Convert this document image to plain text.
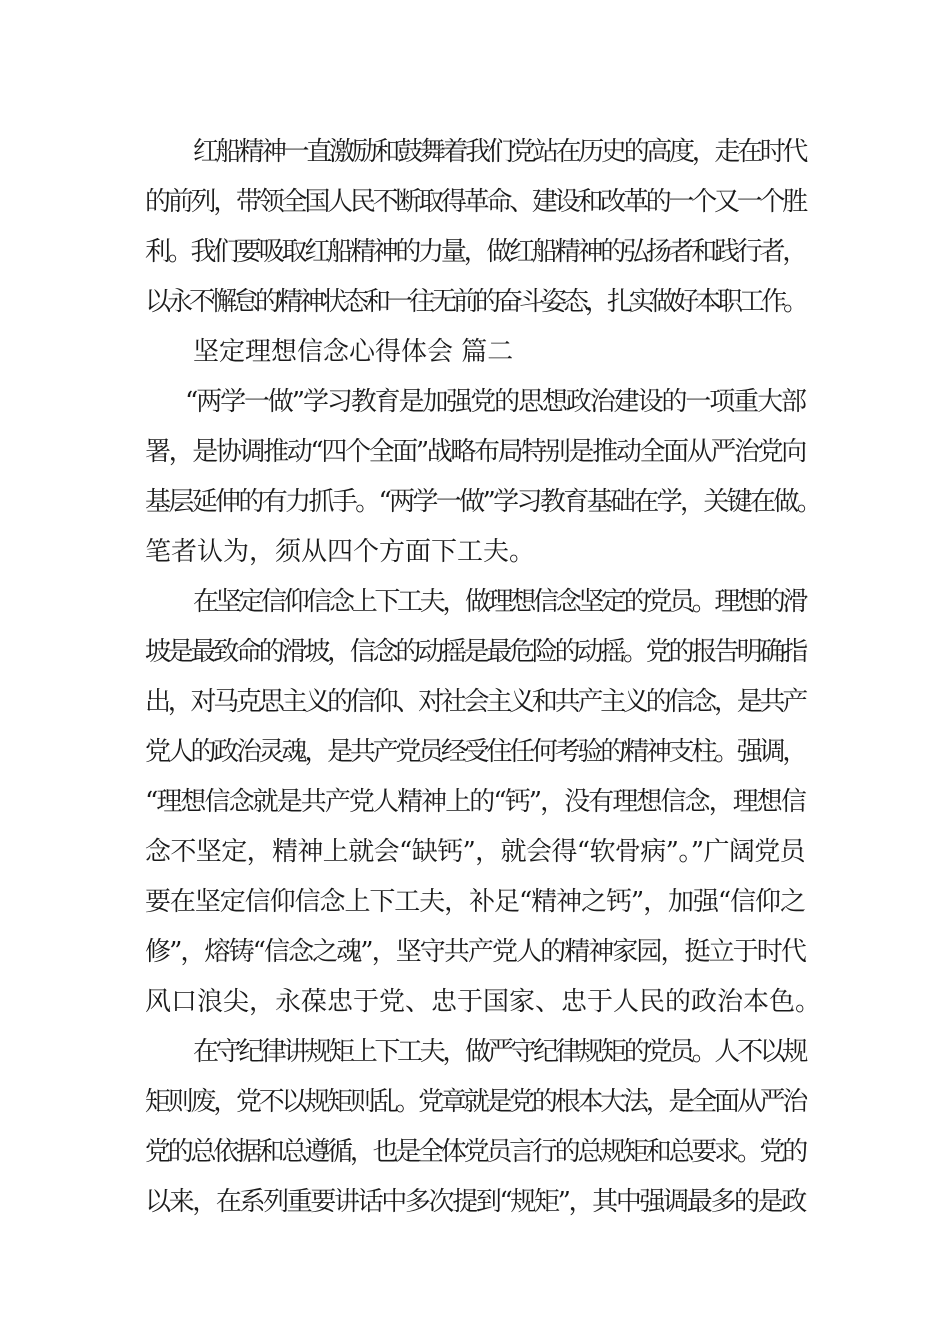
红船精神一直激励和鼓舞着我们党站在历史的高度，走在时代
的前列，带领全国人民不断取得革命、建设和改革的一个又一个胜
利。我们要吸取红船精神的力量，做红船精神的弘扬者和践行者，
以永不懈怠的精神状态和一往无前的奋斗姿态，扎实做好本职工作。
坚定理想信念心得体会 篇二
“两学一做”学习教育是加强党的思想政治建设的一项重大部
署，是协调推动“四个全面”战略布局特别是推动全面从严治党向
基层延伸的有力抓手。“两学一做”学习教育基础在学，关键在做。
笔者认为，须从四个方面下工夫。
在坚定信仰信念上下工夫，做理想信念坚定的党员。理想的滑
坡是最致命的滑坡，信念的动摇是最危险的动摇。党的报告明确指
出，对马克思主义的信仰、对社会主义和共产主义的信念，是共产
党人的政治灵魂，是共产党员经受住任何考验的精神支柱。强调，
“理想信念就是共产党人精神上的“钙”，没有理想信念，理想信
念不坚定，精神上就会“缺钙”，就会得“软骨病”。”广阔党员
要在坚定信仰信念上下工夫，补足“精神之钙”，加强“信仰之
修”，熔铸“信念之魂”，坚守共产党人的精神家园，挺立于时代
风口浪尖，永葆忠于党、忠于国家、忠于人民的政治本色。
在守纪律讲规矩上下工夫，做严守纪律规矩的党员。人不以规
矩则废，党不以规矩则乱。党章就是党的根本大法，是全面从严治
党的总依据和总遵循，也是全体党员言行的总规矩和总要求。党的
以来，在系列重要讲话中多次提到“规矩”，其中强调最多的是政
